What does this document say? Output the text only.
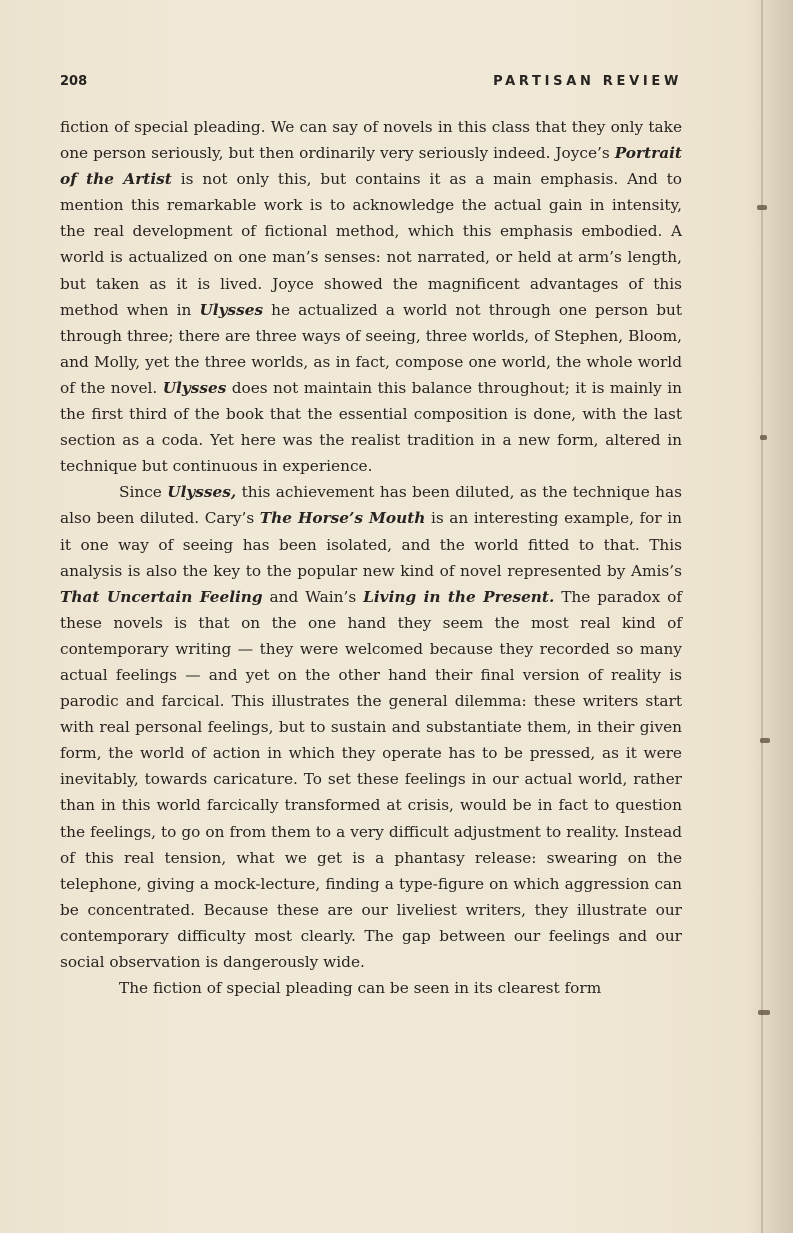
208	PARTISAN REVIEW

fiction of special pleading. We can say of novels in this class that they only take one person seriously, but then ordinarily very seriously indeed. Joyce’s Portrait of the Artist is not only this, but contains it as a main emphasis. And to mention this remarkable work is to acknowledge the actual gain in intensity, the real development of fictional method, which this emphasis embodied. A world is actualized on one man’s senses: not narrated, or held at arm’s length, but taken as it is lived. Joyce showed the magnificent advantages of this method when in Ulysses he actualized a world not through one person but through three; there are three ways of seeing, three worlds, of Stephen, Bloom, and Molly, yet the three worlds, as in fact, compose one world, the whole world of the novel. Ulysses does not maintain this balance throughout; it is mainly in the first third of the book that the essential composition is done, with the last section as a coda. Yet here was the realist tradition in a new form, altered in technique but continuous in experience.

Since Ulysses, this achievement has been diluted, as the technique has also been diluted. Cary’s The Horse’s Mouth is an interesting example, for in it one way of seeing has been isolated, and the world fitted to that. This analysis is also the key to the popular new kind of novel represented by Amis’s That Uncertain Feeling and Wain’s Living in the Present. The paradox of these novels is that on the one hand they seem the most real kind of contemporary writing — they were welcomed because they recorded so many actual feelings — and yet on the other hand their final version of reality is parodic and farcical. This illustrates the general dilemma: these writers start with real personal feelings, but to sustain and substantiate them, in their given form, the world of action in which they operate has to be pressed, as it were inevitably, towards caricature. To set these feelings in our actual world, rather than in this world farcically transformed at crisis, would be in fact to question the feelings, to go on from them to a very difficult adjustment to reality. Instead of this real tension, what we get is a phantasy release: swearing on the telephone, giving a mock-lecture, finding a type-figure on which aggression can be concentrated. Because these are our liveliest writers, they illustrate our contemporary difficulty most clearly. The gap between our feelings and our social observation is dangerously wide.

The fiction of special pleading can be seen in its clearest form
